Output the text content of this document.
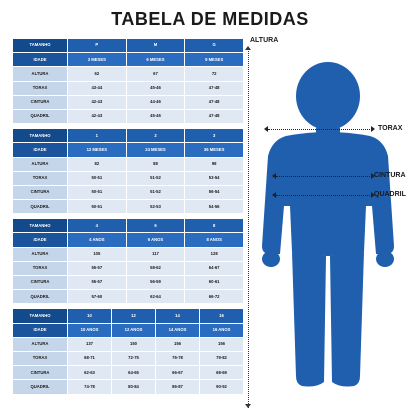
TABELA DE MEDIDAS
TAMANHO	P	M	G
IDADE	3 MESES	6 MESES	9 MESES
ALTURA	62	67	72
TORAX	43-44	45-46	47-48
CINTURA	42-43	44-46	47-48
QUADRIL	42-43	45-46	47-48
TAMANHO	1	2	3
IDADE	12 MESES	24 MESES	36 MESES
ALTURA	82	88	98
TORAX	50-51	51-52	53-54
CINTURA	50-51	51-52	56-54
QUADRIL	50-51	52-53	54-56
TAMANHO	4	6	8
IDADE	4 ANOS	6 ANOS	8 ANOS
ALTURA	105	117	128
TORAX	55-57	58-62	64-67
CINTURA	55-57	56-59	60-61
QUADRIL	57-60	62-64	66-72
TAMANHO	10	12	14	16
IDADE	10 ANOS	12 ANOS	14 ANOS	16 ANOS
ALTURA	137	150	156	156
TORAX	68-71	72-75	76-78	79-82
CINTURA	62-63	64-65	66-67	68-69
QUADRIL	74-78	80-84	86-87	90-92
ALTURA
TORAX
CINTURA
QUADRIL
